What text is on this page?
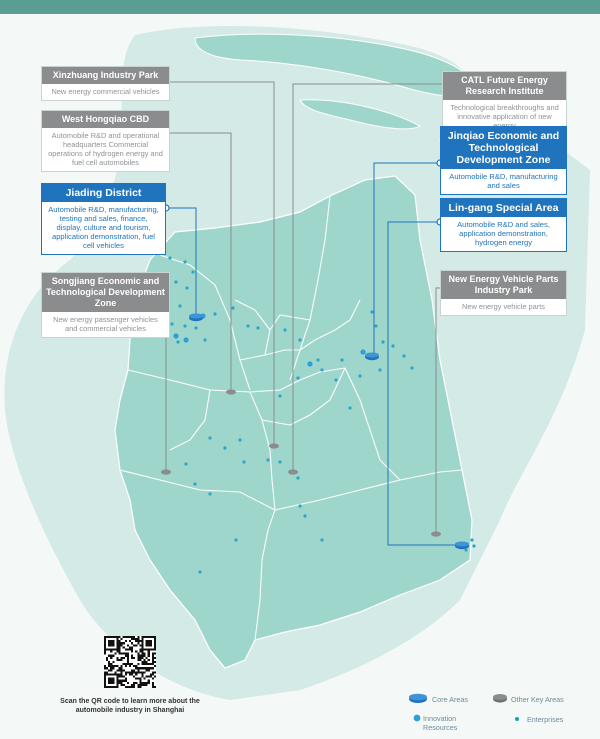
Xinzhuang Industry Park
New energy commercial vehicles
West Hongqiao CBD
Automobile R&D and operational headquarters Commercial operations of hydrogen energy and fuel cell automobiles
Jiading District
Automobile R&D, manufacturing, testing and sales, finance, display, culture and tourism, application demonstration, fuel cell vehicles
Songjiang Economic and Technological Development Zone
New energy passenger vehicles and commercial vehicles
CATL Future Energy Research Institute
Technological breakthroughs and innovative application of new
Jinqiao Economic and Technological Development Zone
Automobile R&D, manufacturing and sales
Lin-gang Special Area
Automobile R&D and sales, application demonstration, hydrogen energy
New Energy Vehicle Parts Industry Park
New energy vehicle parts
Scan the QR code to learn more about the automobile industry in Shanghai
Core Areas	Other Key Areas
Innovation Resources
Enterprises
